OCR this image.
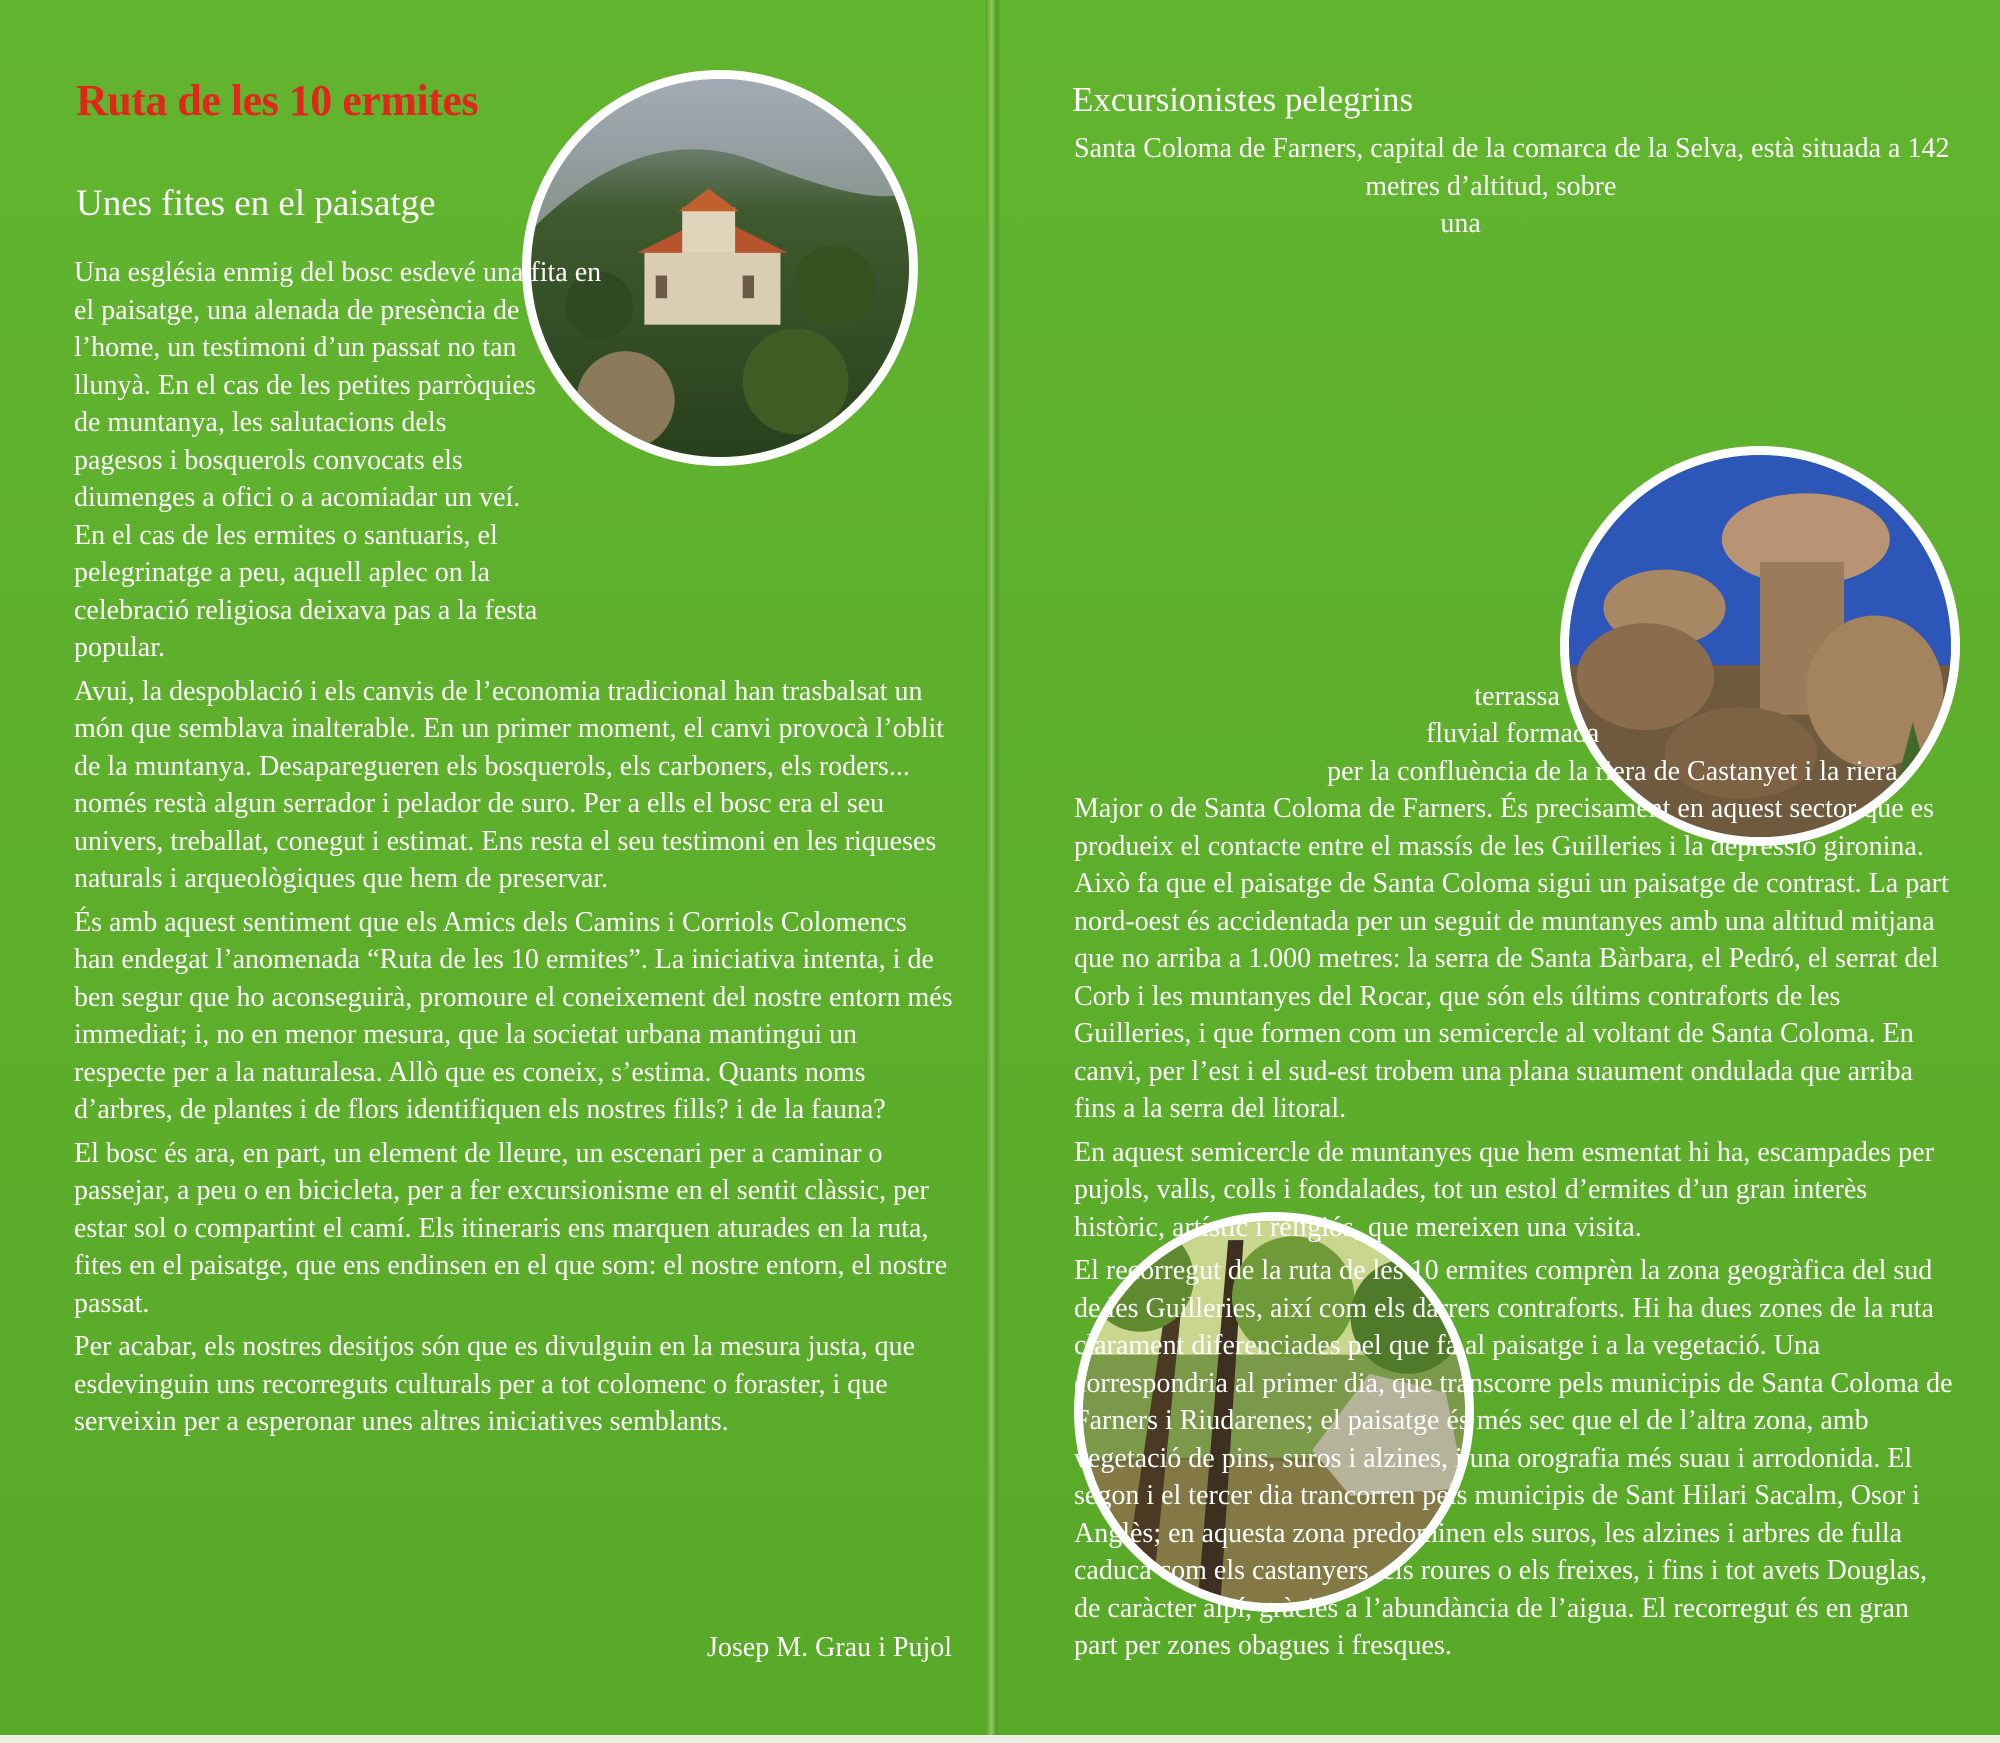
Ruta de les 10 ermites
Unes fites en el paisatge

Una església enmig del bosc esdevé una fita en el paisatge, una alenada de presència de l’home, un testimoni d’un passat no tan llunyà. En el cas de les petites parròquies de muntanya, les salutacions dels pagesos i bosquerols convocats els diumenges a ofici o a acomiadar un veí. En el cas de les ermites o santuaris, el pelegrinatge a peu, aquell aplec on la celebració religiosa deixava pas a la festa popular.

Avui, la despoblació i els canvis de l’economia tradicional han trasbalsat un món que semblava inalterable. En un primer moment, el canvi provocà l’oblit de la muntanya. Desaparegueren els bosquerols, els carboners, els roders... només restà algun serrador i pelador de suro. Per a ells el bosc era el seu univers, treballat, conegut i estimat. Ens resta el seu testimoni en les riqueses naturals i arqueològiques que hem de preservar.

És amb aquest sentiment que els Amics dels Camins i Corriols Colomencs han endegat l’anomenada “Ruta de les 10 ermites”. La iniciativa intenta, i de ben segur que ho aconseguirà, promoure el coneixement del nostre entorn més immediat; i, no en menor mesura, que la societat urbana mantingui un respecte per a la naturalesa. Allò que es coneix, s’estima. Quants noms d’arbres, de plantes i de flors identifiquen els nostres fills? i de la fauna?

El bosc és ara, en part, un element de lleure, un escenari per a caminar o passejar, a peu o en bicicleta, per a fer excursionisme en el sentit clàssic, per estar sol o compartint el camí. Els itineraris ens marquen aturades en la ruta, fites en el paisatge, que ens endinsen en el que som: el nostre entorn, el nostre passat.

Per acabar, els nostres desitjos són que es divulguin en la mesura justa, que esdevinguin uns recorreguts culturals per a tot colomenc o foraster, i que serveixin per a esperonar unes altres iniciatives semblants.

Josep M. Grau i Pujol

Excursionistes pelegrins

Santa Coloma de Farners, capital de la comarca de la Selva, està situada a 142 metres d’altitud, sobre una terrassa fluvial formada per la confluència de la riera de Castanyet i la riera Major o de Santa Coloma de Farners. És precisament en aquest sector que es produeix el contacte entre el massís de les Guilleries i la depressió gironina. Això fa que el paisatge de Santa Coloma sigui un paisatge de contrast. La part nord-oest és accidentada per un seguit de muntanyes amb una altitud mitjana que no arriba a 1.000 metres: la serra de Santa Bàrbara, el Pedró, el serrat del Corb i les muntanyes del Rocar, que són els últims contraforts de les Guilleries, i que formen com un semicercle al voltant de Santa Coloma. En canvi, per l’est i el sud-est trobem una plana suaument ondulada que arriba fins a la serra del litoral.

En aquest semicercle de muntanyes que hem esmentat hi ha, escampades per pujols, valls, colls i fondalades, tot un estol d’ermites d’un gran interès històric, artístic i religiós, que mereixen una visita.

El recorregut de la ruta de les 10 ermites comprèn la zona geogràfica del sud de les Guilleries, així com els darrers contraforts. Hi ha dues zones de la ruta clarament diferenciades pel que fa al paisatge i a la vegetació. Una correspondria al primer dia, que transcorre pels municipis de Santa Coloma de Farners i Riudarenes; el paisatge és més sec que el de l’altra zona, amb vegetació de pins, suros i alzines, i una orografia més suau i arrodonida. El segon i el tercer dia trancorren pels municipis de Sant Hilari Sacalm, Osor i Anglès; en aquesta zona predominen els suros, les alzines i arbres de fulla caduca com els castanyers, els roures o els freixes, i fins i tot avets Douglas, de caràcter alpí, gràcies a l’abundància de l’aigua. El recorregut és en gran part per zones obagues i fresques.
